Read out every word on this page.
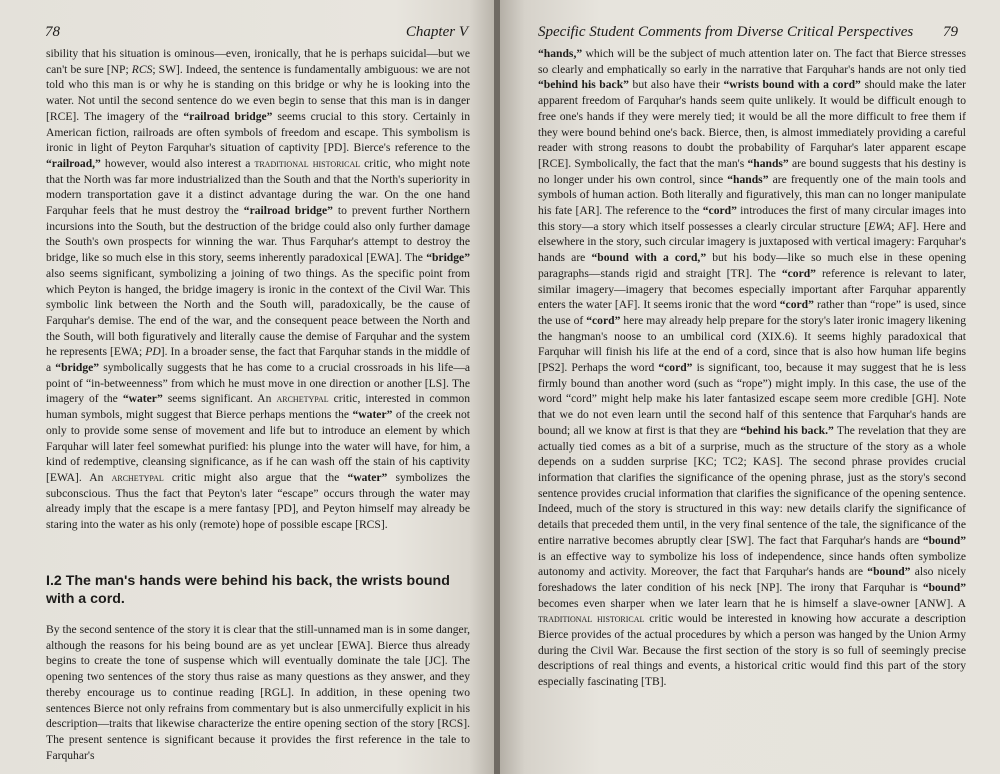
78	Chapter V

sibility that his situation is ominous—even, ironically, that he is perhaps suicidal—but we can't be sure [NP; RCS; SW]. Indeed, the sentence is fundamentally ambiguous: we are not told who this man is or why he is standing on this bridge or why he is looking into the water. Not until the second sentence do we even begin to sense that this man is in danger [RCE]. The imagery of the “railroad bridge” seems crucial to this story. Certainly in American fiction, railroads are often symbols of freedom and escape. This symbolism is ironic in light of Peyton Farquhar's situation of captivity [PD]. Bierce's reference to the “railroad,” however, would also interest a traditional historical critic, who might note that the North was far more industrialized than the South and that the North's superiority in modern transportation gave it a distinct advantage during the war. On the one hand Farquhar feels that he must destroy the “railroad bridge” to prevent further Northern incursions into the South, but the destruction of the bridge could also only further damage the South's own prospects for winning the war. Thus Farquhar's attempt to destroy the bridge, like so much else in this story, seems inherently paradoxical [EWA]. The “bridge” also seems significant, symbolizing a joining of two things. As the specific point from which Peyton is hanged, the bridge imagery is ironic in the context of the Civil War. This symbolic link between the North and the South will, paradoxically, be the cause of Farquhar's demise. The end of the war, and the consequent peace between the North and the South, will both figuratively and literally cause the demise of Farquhar and the system he represents [EWA; PD]. In a broader sense, the fact that Farquhar stands in the middle of a “bridge” symbolically suggests that he has come to a crucial crossroads in his life—a point of “in-betweenness” from which he must move in one direction or another [LS]. The imagery of the “water” seems significant. An archetypal critic, interested in common human symbols, might suggest that Bierce perhaps mentions the “water” of the creek not only to provide some sense of movement and life but to introduce an element by which Farquhar will later feel somewhat purified: his plunge into the water will have, for him, a kind of redemptive, cleansing significance, as if he can wash off the stain of his captivity [EWA]. An archetypal critic might also argue that the “water” symbolizes the subconscious. Thus the fact that Peyton's later “escape” occurs through the water may already imply that the escape is a mere fantasy [PD], and Peyton himself may already be staring into the water as his only (remote) hope of possible escape [RCS].

I.2 The man's hands were behind his back, the wrists bound with a cord.

By the second sentence of the story it is clear that the still-unnamed man is in some danger, although the reasons for his being bound are as yet unclear [EWA]. Bierce thus already begins to create the tone of suspense which will eventually dominate the tale [JC]. The opening two sentences of the story thus raise as many questions as they answer, and they thereby encourage us to continue reading [RGL]. In addition, in these opening two sentences Bierce not only refrains from commentary but is also unmercifully explicit in his description—traits that likewise characterize the entire opening section of the story [RCS]. The present sentence is significant because it provides the first reference in the tale to Farquhar's

Specific Student Comments from Diverse Critical Perspectives 79

“hands,” which will be the subject of much attention later on. The fact that Bierce stresses so clearly and emphatically so early in the narrative that Farquhar's hands are not only tied “behind his back” but also have their “wrists bound with a cord” should make the later apparent freedom of Farquhar's hands seem quite unlikely. It would be difficult enough to free one's hands if they were merely tied; it would be all the more difficult to free them if they were bound behind one's back. Bierce, then, is almost immediately providing a careful reader with strong reasons to doubt the probability of Farquhar's later apparent escape [RCE]. Symbolically, the fact that the man's “hands” are bound suggests that his destiny is no longer under his own control, since “hands” are frequently one of the main tools and symbols of human action. Both literally and figuratively, this man can no longer manipulate his fate [AR]. The reference to the “cord” introduces the first of many circular images into this story—a story which itself possesses a clearly circular structure [EWA; AF]. Here and elsewhere in the story, such circular imagery is juxtaposed with vertical imagery: Farquhar's hands are “bound with a cord,” but his body—like so much else in these opening paragraphs—stands rigid and straight [TR]. The “cord” reference is relevant to later, similar imagery—imagery that becomes especially important after Farquhar apparently enters the water [AF]. It seems ironic that the word “cord” rather than “rope” is used, since the use of “cord” here may already help prepare for the story's later ironic imagery likening the hangman's noose to an umbilical cord (XIX.6). It seems highly paradoxical that Farquhar will finish his life at the end of a cord, since that is also how human life begins [PS2]. Perhaps the word “cord” is significant, too, because it may suggest that he is less firmly bound than another word (such as “rope”) might imply. In this case, the use of the word “cord” might help make his later fantasized escape seem more credible [GH]. Note that we do not even learn until the second half of this sentence that Farquhar's hands are bound; all we know at first is that they are “behind his back.” The revelation that they are actually tied comes as a bit of a surprise, much as the structure of the story as a whole depends on a sudden surprise [KC; TC2; KAS]. The second phrase provides crucial information that clarifies the significance of the opening phrase, just as the story's second sentence provides crucial information that clarifies the significance of the opening sentence. Indeed, much of the story is structured in this way: new details clarify the significance of details that preceded them until, in the very final sentence of the tale, the significance of the entire narrative becomes abruptly clear [SW]. The fact that Farquhar's hands are “bound” is an effective way to symbolize his loss of independence, since hands often symbolize autonomy and activity. Moreover, the fact that Farquhar's hands are “bound” also nicely foreshadows the later condition of his neck [NP]. The irony that Farquhar is “bound” becomes even sharper when we later learn that he is himself a slave-owner [ANW]. A traditional historical critic would be interested in knowing how accurate a description Bierce provides of the actual procedures by which a person was hanged by the Union Army during the Civil War. Because the first section of the story is so full of seemingly precise descriptions of real things and events, a historical critic would find this part of the story especially fascinating [TB].
